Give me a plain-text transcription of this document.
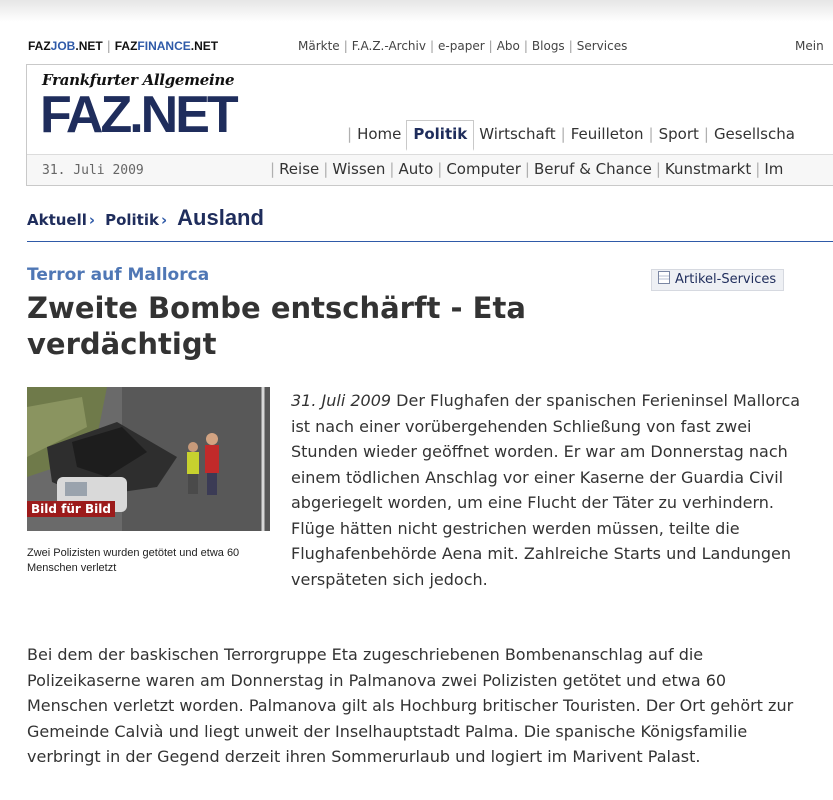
FAZJOB.NET | FAZFINANCE.NET	Märkte | F.A.Z.-Archiv | e-paper | Abo | Blogs | Services	Mein
Frankfurter Allgemeine
FAZ.NET	| Home Politik Wirtschaft | Feuilleton | Sport | Gesellscha
31. Juli 2009	| Reise | Wissen | Auto | Computer | Beruf & Chance | Kunstmarkt | Im
Aktuell › Politik › Ausland
Terror auf Mallorca
Zweite Bombe entschärft - Eta verdächtigt
Artikel-Services
Bild für Bild
Zwei Polizisten wurden getötet und etwa 60 Menschen verletzt
31. Juli 2009 Der Flughafen der spanischen Ferieninsel Mallorca ist nach einer vorübergehenden Schließung von fast zwei Stunden wieder geöffnet worden. Er war am Donnerstag nach einem tödlichen Anschlag vor einer Kaserne der Guardia Civil abgeriegelt worden, um eine Flucht der Täter zu verhindern. Flüge hätten nicht gestrichen werden müssen, teilte die Flughafenbehörde Aena mit. Zahlreiche Starts und Landungen verspäteten sich jedoch.
Bei dem der baskischen Terrorgruppe Eta zugeschriebenen Bombenanschlag auf die Polizeikaserne waren am Donnerstag in Palmanova zwei Polizisten getötet und etwa 60 Menschen verletzt worden. Palmanova gilt als Hochburg britischer Touristen. Der Ort gehört zur Gemeinde Calvià und liegt unweit der Inselhauptstadt Palma. Die spanische Königsfamilie verbringt in der Gegend derzeit ihren Sommerurlaub und logiert im Marivent Palast.
